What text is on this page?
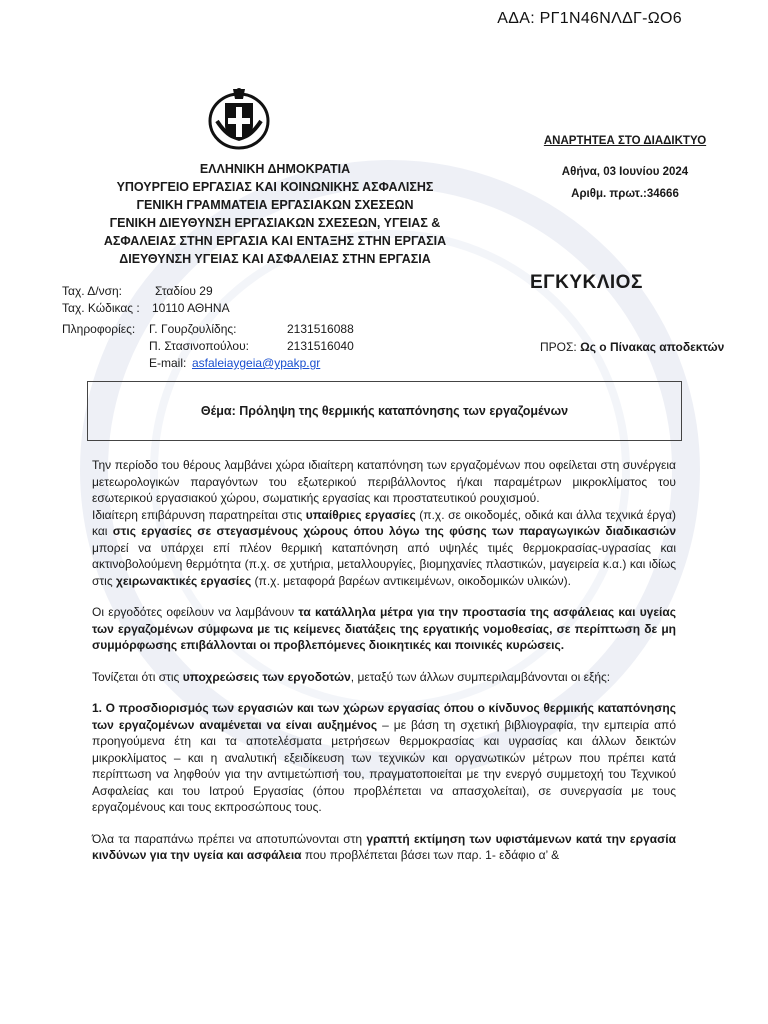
ΑΔΑ: ΡΓ1Ν46ΝΛΔΓ-ΩΟ6
ΕΛΛΗΝΙΚΗ ΔΗΜΟΚΡΑΤΙΑ
ΥΠΟΥΡΓΕΙΟ ΕΡΓΑΣΙΑΣ ΚΑΙ ΚΟΙΝΩΝΙΚΗΣ ΑΣΦΑΛΙΣΗΣ
ΓΕΝΙΚΗ ΓΡΑΜΜΑΤΕΙΑ ΕΡΓΑΣΙΑΚΩΝ ΣΧΕΣΕΩΝ
ΓΕΝΙΚΗ ΔΙΕΥΘΥΝΣΗ ΕΡΓΑΣΙΑΚΩΝ ΣΧΕΣΕΩΝ, ΥΓΕΙΑΣ &
ΑΣΦΑΛΕΙΑΣ ΣΤΗΝ ΕΡΓΑΣΙΑ ΚΑΙ ΕΝΤΑΞΗΣ ΣΤΗΝ ΕΡΓΑΣΙΑ
ΔΙΕΥΘΥΝΣΗ ΥΓΕΙΑΣ ΚΑΙ ΑΣΦΑΛΕΙΑΣ ΣΤΗΝ ΕΡΓΑΣΙΑ
ΑΝΑΡΤΗΤΕΑ ΣΤΟ ΔΙΑΔΙΚΤΥΟ
Αθήνα, 03 Ιουνίου 2024
Αριθμ. πρωτ.:34666
ΕΓΚΥΚΛΙΟΣ
ΠΡΟΣ: Ως ο Πίνακας αποδεκτών
Ταχ. Δ/νση:	Σταδίου 29
Ταχ. Κώδικας : 10110 ΑΘΗΝΑ
Πληροφορίες: Γ. Γουρζουλίδης:	2131516088
Π. Στασινοπούλου:	2131516040
E-mail: asfaleiaygeia@ypakp.gr
Θέμα: Πρόληψη της θερμικής καταπόνησης των εργαζομένων

Την περίοδο του θέρους λαμβάνει χώρα ιδιαίτερη καταπόνηση των εργαζομένων που οφείλεται στη συνέργεια μετεωρολογικών παραγόντων του εξωτερικού περιβάλλοντος ή/και παραμέτρων μικροκλίματος του εσωτερικού εργασιακού χώρου, σωματικής εργασίας και προστατευτικού ρουχισμού.

Ιδιαίτερη επιβάρυνση παρατηρείται στις υπαίθριες εργασίες (π.χ. σε οικοδομές, οδικά και άλλα τεχνικά έργα) και στις εργασίες σε στεγασμένους χώρους όπου λόγω της φύσης των παραγωγικών διαδικασιών μπορεί να υπάρχει επί πλέον θερμική καταπόνηση από υψηλές τιμές θερμοκρασίας-υγρασίας και ακτινοβολούμενη θερμότητα (π.χ. σε χυτήρια, μεταλλουργίες, βιομηχανίες πλαστικών, μαγειρεία κ.α.) και ιδίως στις χειρωνακτικές εργασίες (π.χ. μεταφορά βαρέων αντικειμένων, οικοδομικών υλικών).

Οι εργοδότες οφείλουν να λαμβάνουν τα κατάλληλα μέτρα για την προστασία της ασφάλειας και υγείας των εργαζομένων σύμφωνα με τις κείμενες διατάξεις της εργατικής νομοθεσίας, σε περίπτωση δε μη συμμόρφωσης επιβάλλονται οι προβλεπόμενες διοικητικές και ποινικές κυρώσεις.

Τονίζεται ότι στις υποχρεώσεις των εργοδοτών, μεταξύ των άλλων συμπεριλαμβάνονται οι εξής:

1. Ο προσδιορισμός των εργασιών και των χώρων εργασίας όπου ο κίνδυνος θερμικής καταπόνησης των εργαζομένων αναμένεται να είναι αυξημένος – με βάση τη σχετική βιβλιογραφία, την εμπειρία από προηγούμενα έτη και τα αποτελέσματα μετρήσεων θερμοκρασίας και υγρασίας και άλλων δεικτών μικροκλίματος – και η αναλυτική εξειδίκευση των τεχνικών και οργανωτικών μέτρων που πρέπει κατά περίπτωση να ληφθούν για την αντιμετώπισή του, πραγματοποιείται με την ενεργό συμμετοχή του Τεχνικού Ασφαλείας και του Ιατρού Εργασίας (όπου προβλέπεται να απασχολείται), σε συνεργασία με τους εργαζομένους και τους εκπροσώπους τους.

Όλα τα παραπάνω πρέπει να αποτυπώνονται στη γραπτή εκτίμηση των υφιστάμενων κατά την εργασία κινδύνων για την υγεία και ασφάλεια που προβλέπεται βάσει των παρ. 1- εδάφιο α’ &
